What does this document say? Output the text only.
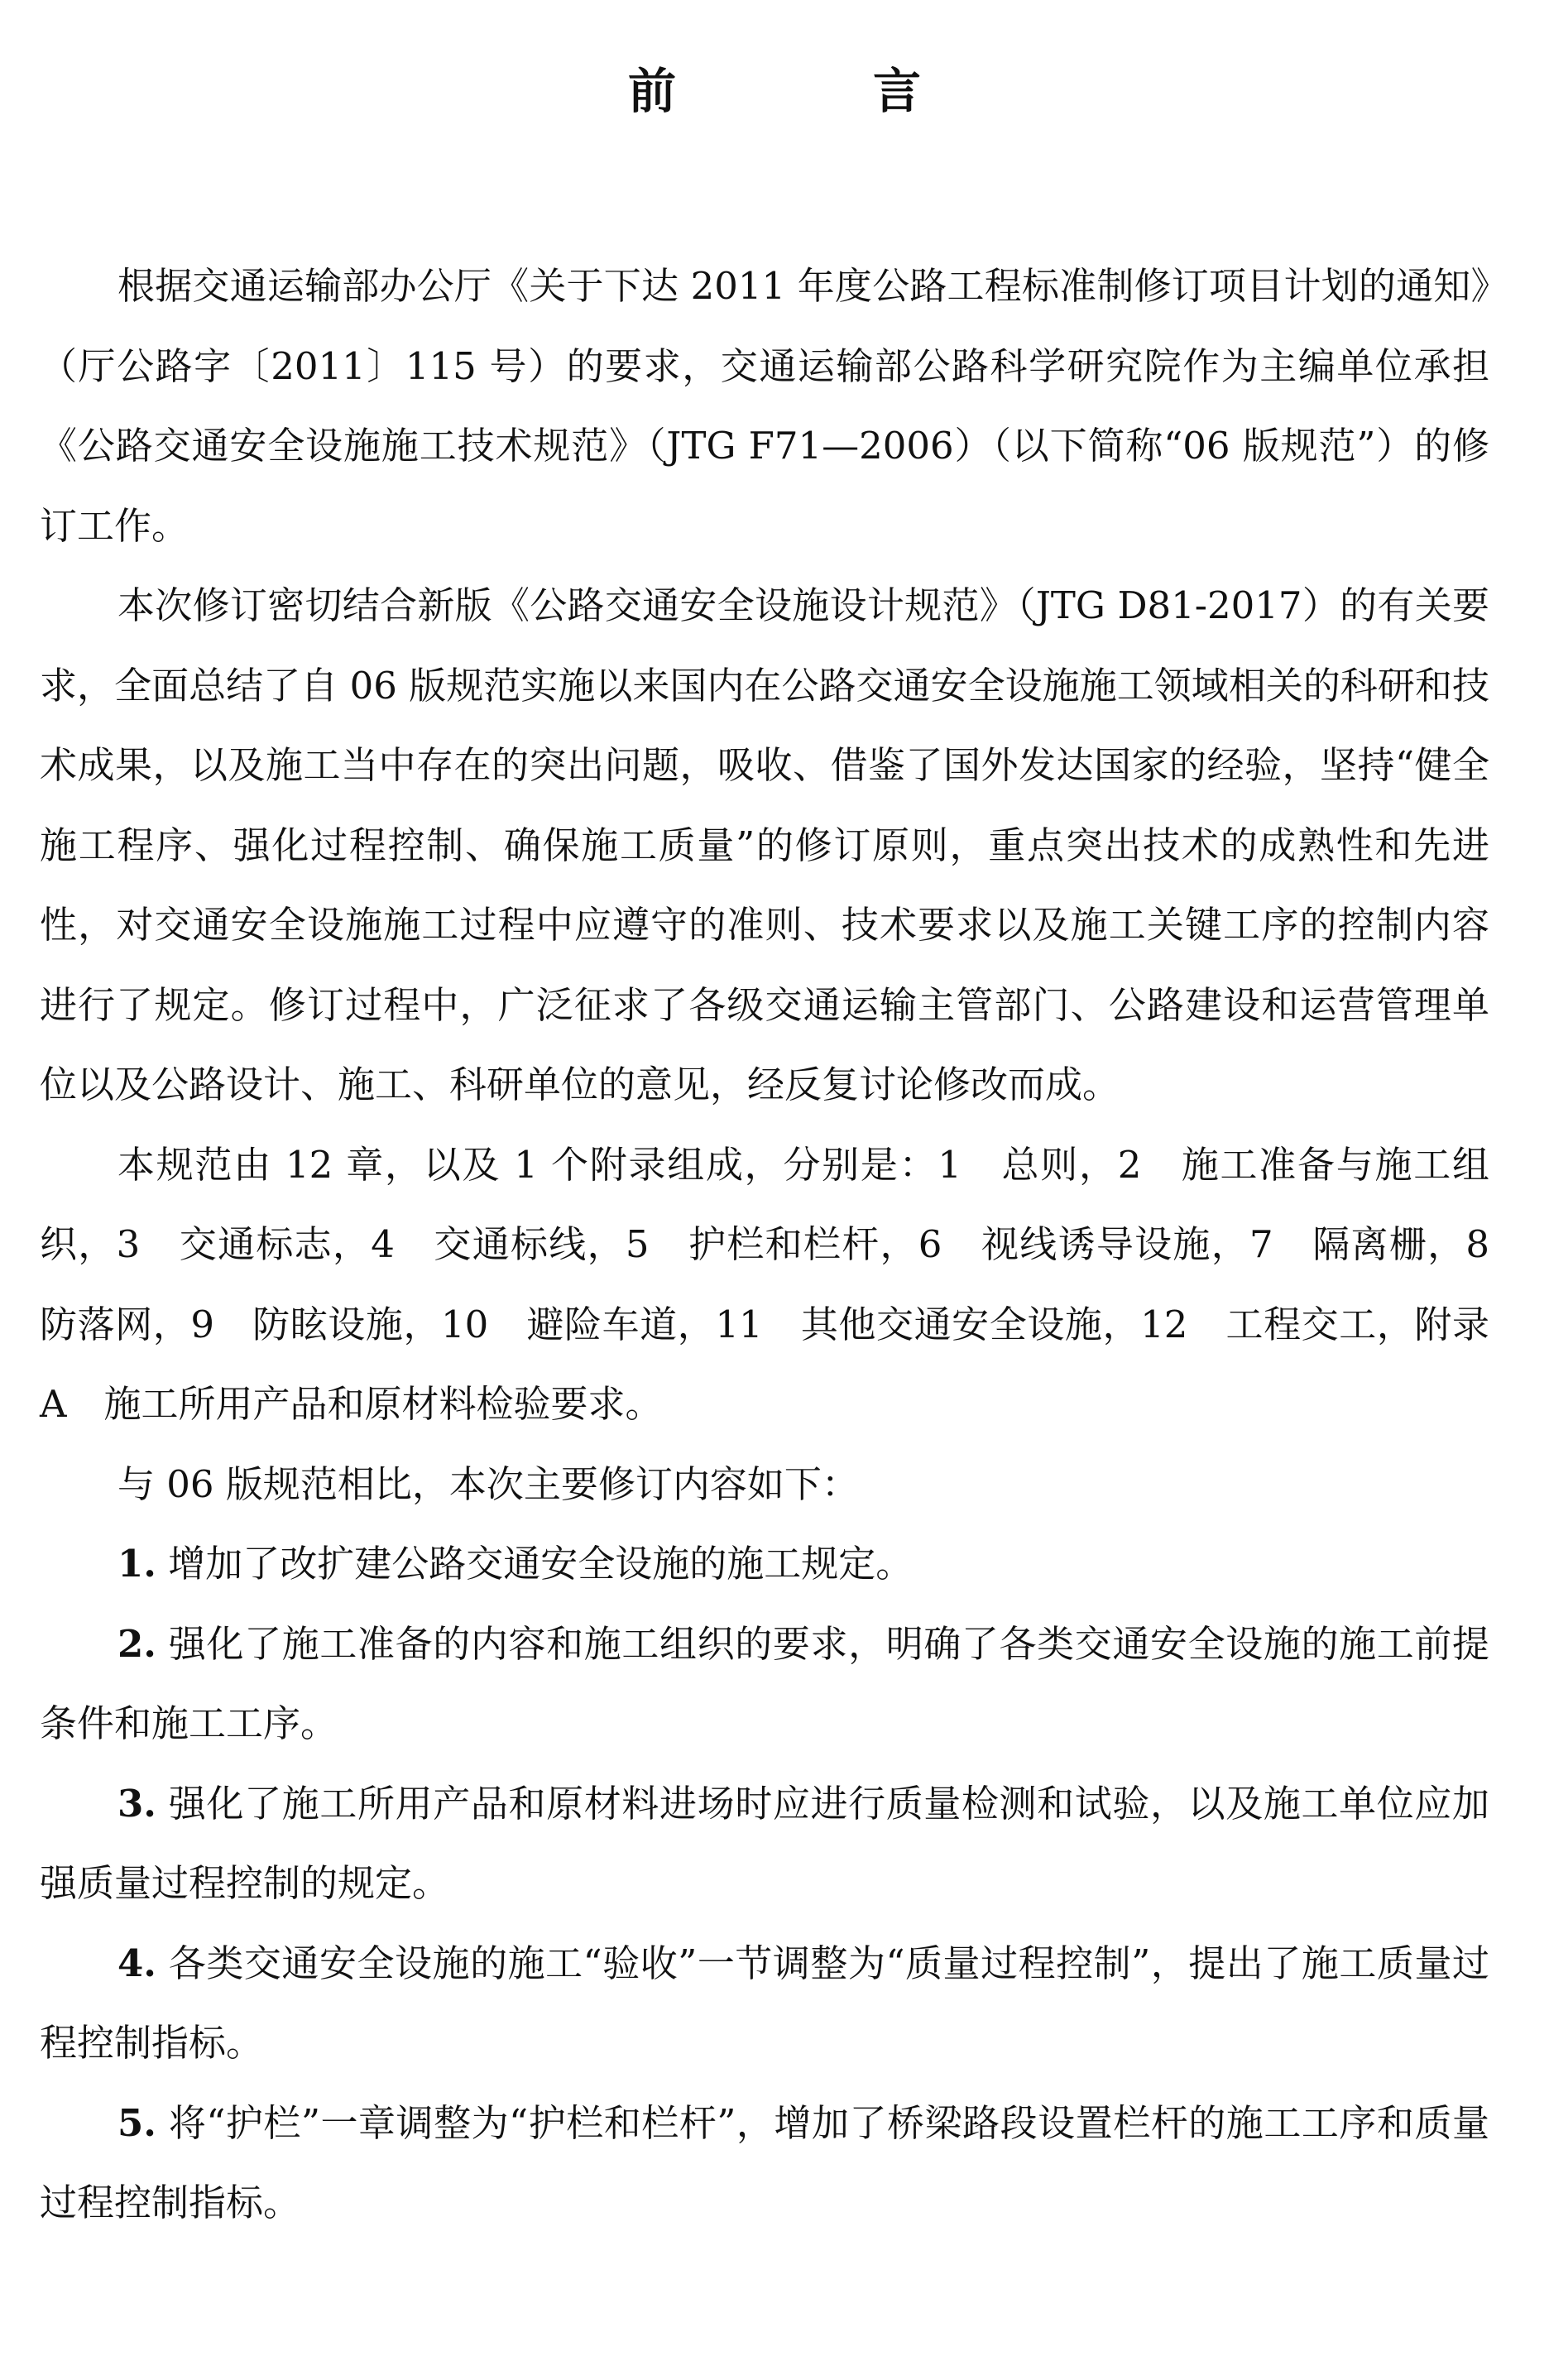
前　言

根据交通运输部办公厅《关于下达 2011 年度公路工程标准制修订项目计划的通知》（厅公路字〔2011〕115 号）的要求，交通运输部公路科学研究院作为主编单位承担《公路交通安全设施施工技术规范》（JTG F71—2006）（以下简称“06 版规范”）的修订工作。

本次修订密切结合新版《公路交通安全设施设计规范》（JTG D81-2017）的有关要求，全面总结了自 06 版规范实施以来国内在公路交通安全设施施工领域相关的科研和技术成果，以及施工当中存在的突出问题，吸收、借鉴了国外发达国家的经验，坚持“健全施工程序、强化过程控制、确保施工质量”的修订原则，重点突出技术的成熟性和先进性，对交通安全设施施工过程中应遵守的准则、技术要求以及施工关键工序的控制内容进行了规定。修订过程中，广泛征求了各级交通运输主管部门、公路建设和运营管理单位以及公路设计、施工、科研单位的意见，经反复讨论修改而成。

本规范由 12 章，以及 1 个附录组成，分别是：1　总则，2　施工准备与施工组织，3　交通标志，4　交通标线，5　护栏和栏杆，6　视线诱导设施，7　隔离栅，8　防落网，9　防眩设施，10　避险车道，11　其他交通安全设施，12　工程交工，附录 A　施工所用产品和原材料检验要求。

与 06 版规范相比，本次主要修订内容如下：

1. 增加了改扩建公路交通安全设施的施工规定。

2. 强化了施工准备的内容和施工组织的要求，明确了各类交通安全设施的施工前提条件和施工工序。

3. 强化了施工所用产品和原材料进场时应进行质量检测和试验，以及施工单位应加强质量过程控制的规定。

4. 各类交通安全设施的施工“验收”一节调整为“质量过程控制”，提出了施工质量过程控制指标。

5. 将“护栏”一章调整为“护栏和栏杆”，增加了桥梁路段设置栏杆的施工工序和质量过程控制指标。
